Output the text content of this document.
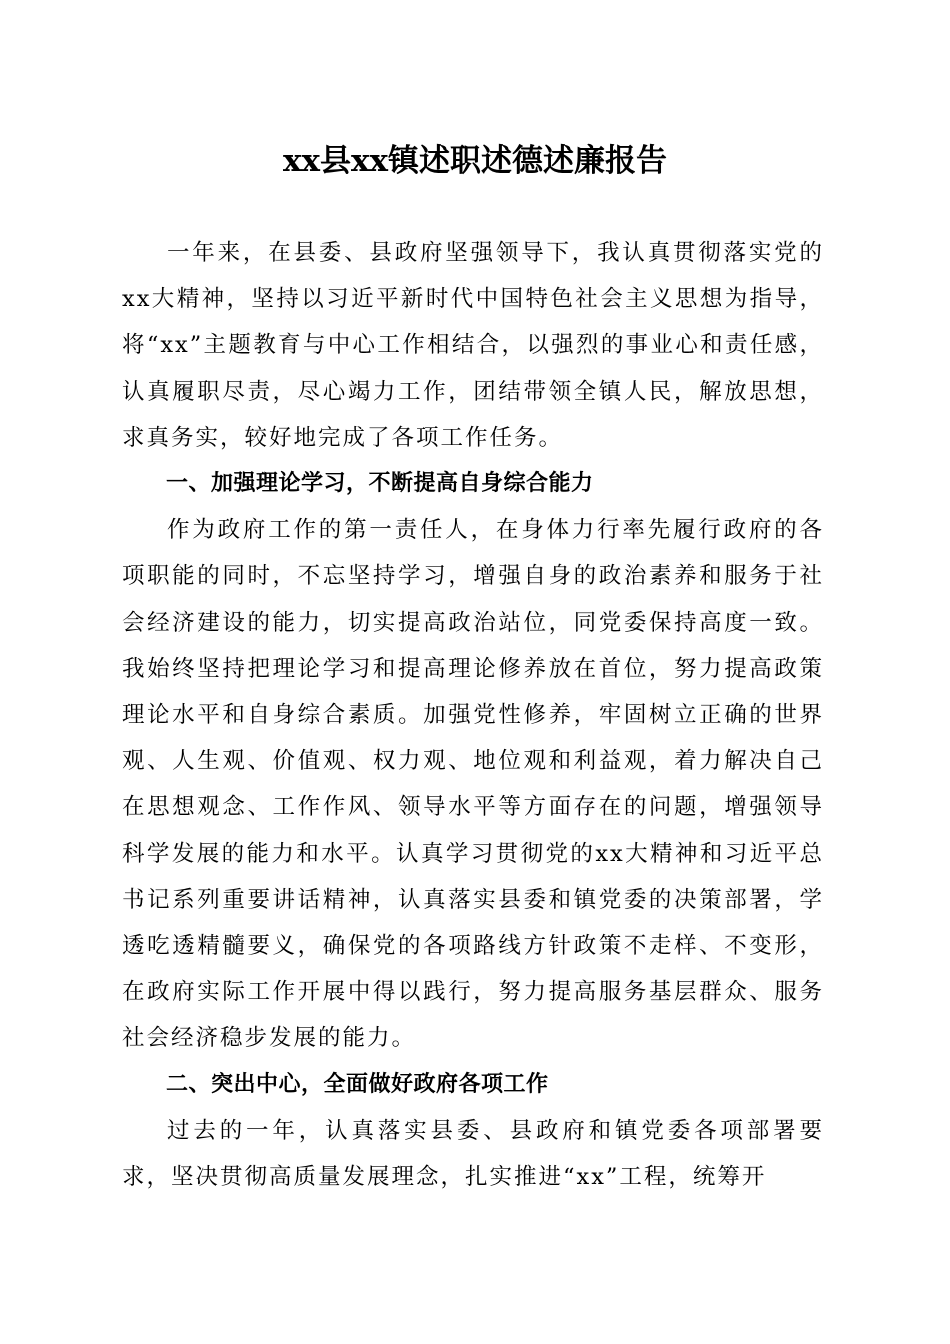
xx县xx镇述职述德述廉报告

一年来，在县委、县政府坚强领导下，我认真贯彻落实党的xx大精神，坚持以习近平新时代中国特色社会主义思想为指导，将“xx”主题教育与中心工作相结合，以强烈的事业心和责任感，认真履职尽责，尽心竭力工作，团结带领全镇人民，解放思想，求真务实，较好地完成了各项工作任务。

一、加强理论学习，不断提高自身综合能力

作为政府工作的第一责任人，在身体力行率先履行政府的各项职能的同时，不忘坚持学习，增强自身的政治素养和服务于社会经济建设的能力，切实提高政治站位，同党委保持高度一致。我始终坚持把理论学习和提高理论修养放在首位，努力提高政策理论水平和自身综合素质。加强党性修养，牢固树立正确的世界观、人生观、价值观、权力观、地位观和利益观，着力解决自己在思想观念、工作作风、领导水平等方面存在的问题，增强领导科学发展的能力和水平。认真学习贯彻党的xx大精神和习近平总书记系列重要讲话精神，认真落实县委和镇党委的决策部署，学透吃透精髓要义，确保党的各项路线方针政策不走样、不变形，在政府实际工作开展中得以践行，努力提高服务基层群众、服务社会经济稳步发展的能力。

二、突出中心，全面做好政府各项工作

过去的一年，认真落实县委、县政府和镇党委各项部署要求，坚决贯彻高质量发展理念，扎实推进“xx”工程，统筹开
